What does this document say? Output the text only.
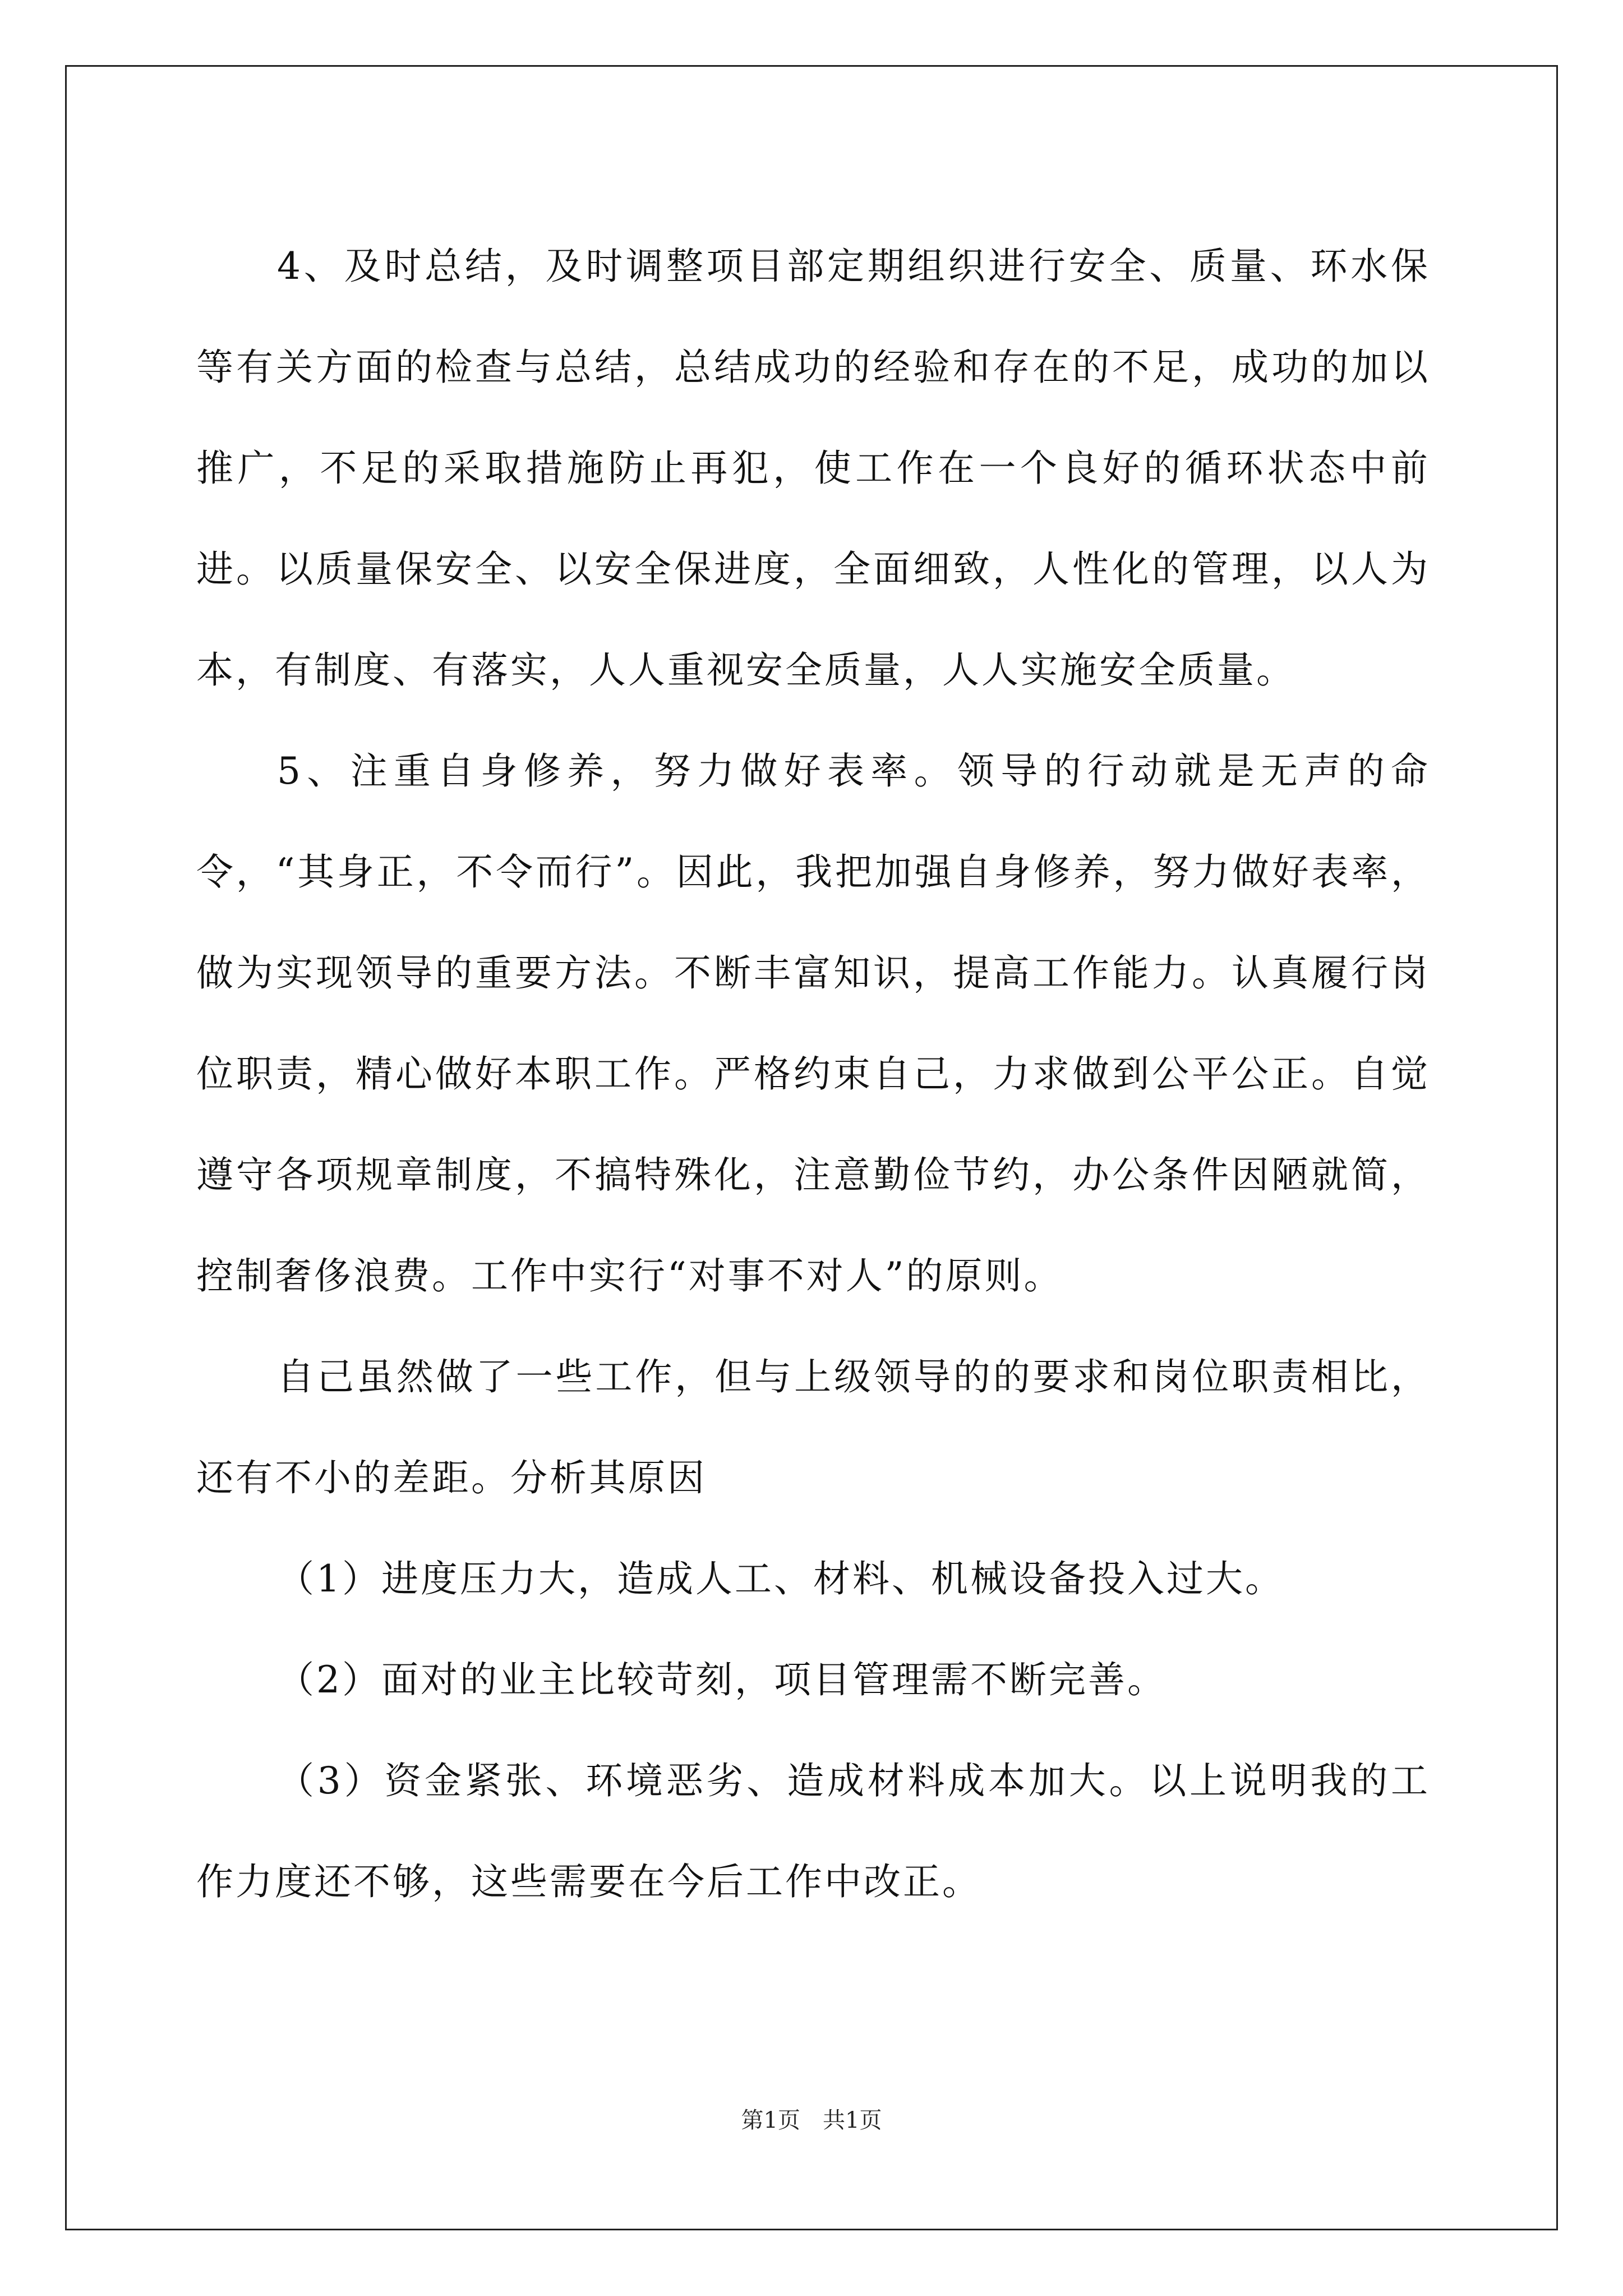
4、及时总结，及时调整项目部定期组织进行安全、质量、环水保等有关方面的检查与总结，总结成功的经验和存在的不足，成功的加以推广，不足的采取措施防止再犯，使工作在一个良好的循环状态中前进。以质量保安全、以安全保进度，全面细致，人性化的管理，以人为本，有制度、有落实，人人重视安全质量，人人实施安全质量。

5、注重自身修养，努力做好表率。领导的行动就是无声的命令，“其身正，不令而行”。因此，我把加强自身修养，努力做好表率，做为实现领导的重要方法。不断丰富知识，提高工作能力。认真履行岗位职责，精心做好本职工作。严格约束自己，力求做到公平公正。自觉遵守各项规章制度，不搞特殊化，注意勤俭节约，办公条件因陋就简，控制奢侈浪费。工作中实行“对事不对人”的原则。

自己虽然做了一些工作，但与上级领导的的要求和岗位职责相比，还有不小的差距。分析其原因

（1）进度压力大，造成人工、材料、机械设备投入过大。

（2）面对的业主比较苛刻，项目管理需不断完善。

（3）资金紧张、环境恶劣、造成材料成本加大。以上说明我的工作力度还不够，这些需要在今后工作中改正。

第1页　共1页
